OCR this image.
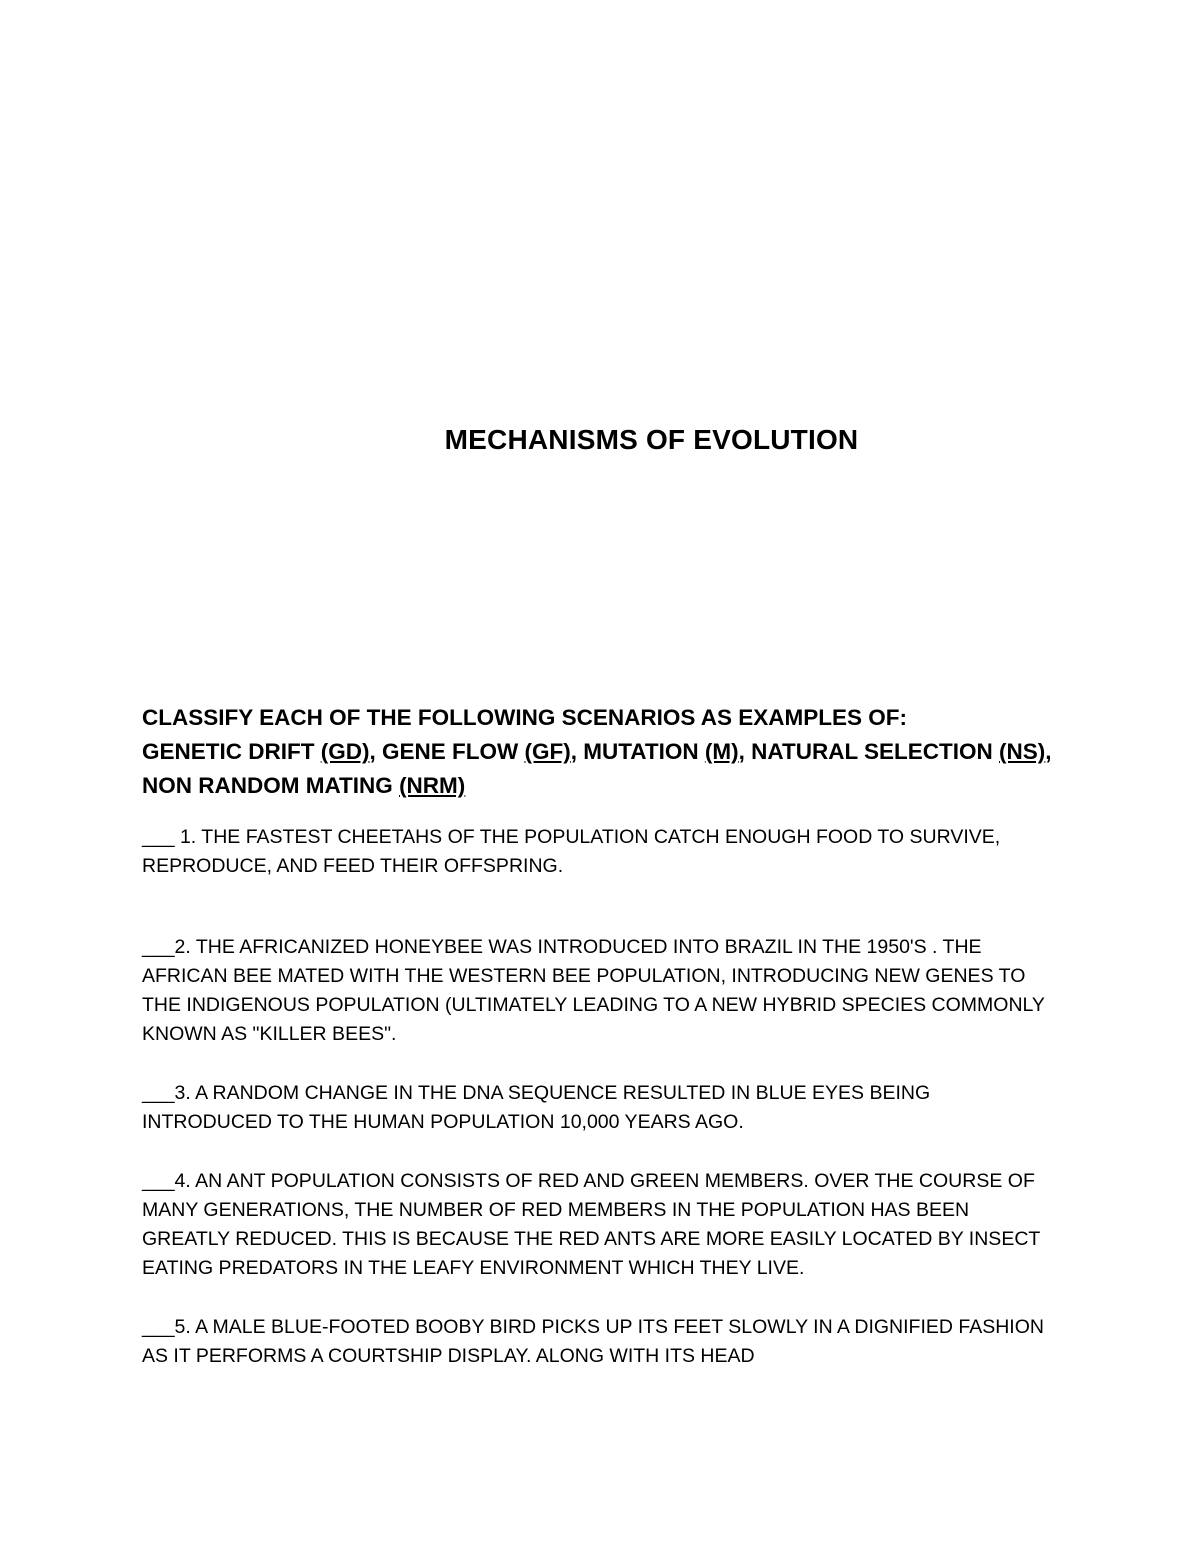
MECHANISMS OF EVOLUTION

CLASSIFY EACH OF THE FOLLOWING SCENARIOS AS EXAMPLES OF:
GENETIC DRIFT (GD), GENE FLOW (GF), MUTATION (M), NATURAL SELECTION (NS), NON RANDOM MATING (NRM)

___ 1. THE FASTEST CHEETAHS OF THE POPULATION CATCH ENOUGH FOOD TO SURVIVE, REPRODUCE, AND FEED THEIR OFFSPRING.

___2. THE AFRICANIZED HONEYBEE WAS INTRODUCED INTO BRAZIL IN THE 1950'S . THE AFRICAN BEE MATED WITH THE WESTERN BEE POPULATION, INTRODUCING NEW GENES TO THE INDIGENOUS POPULATION (ULTIMATELY LEADING TO A NEW HYBRID SPECIES COMMONLY KNOWN AS "KILLER BEES".

___3. A RANDOM CHANGE IN THE DNA SEQUENCE RESULTED IN BLUE EYES BEING INTRODUCED TO THE HUMAN POPULATION 10,000 YEARS AGO.

___4. AN ANT POPULATION CONSISTS OF RED AND GREEN MEMBERS. OVER THE COURSE OF MANY GENERATIONS, THE NUMBER OF RED MEMBERS IN THE POPULATION HAS BEEN GREATLY REDUCED. THIS IS BECAUSE THE RED ANTS ARE MORE EASILY LOCATED BY INSECT EATING PREDATORS IN THE LEAFY ENVIRONMENT WHICH THEY LIVE.

___5. A MALE BLUE-FOOTED BOOBY BIRD PICKS UP ITS FEET SLOWLY IN A DIGNIFIED FASHION AS IT PERFORMS A COURTSHIP DISPLAY. ALONG WITH ITS HEAD
